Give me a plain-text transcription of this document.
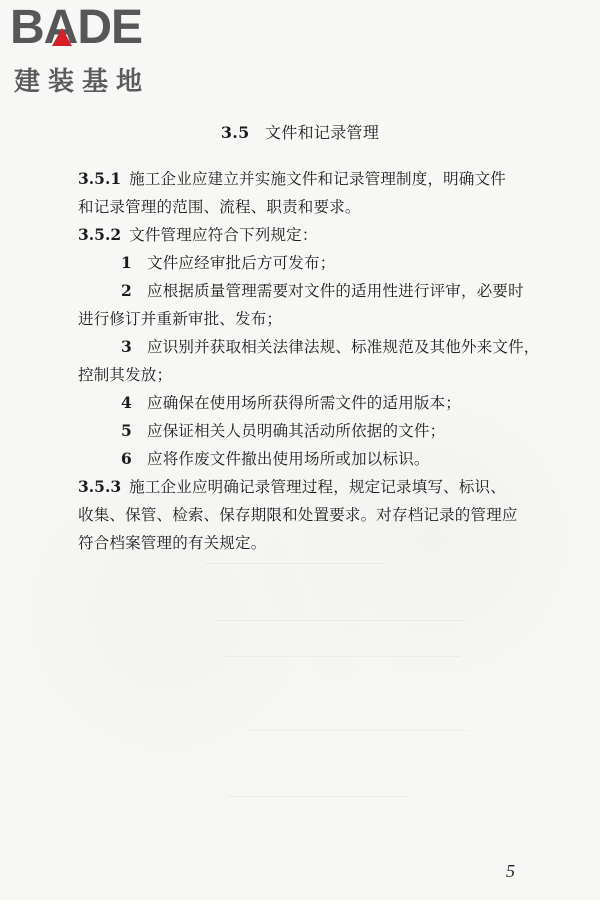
B A D E
建装基地
3.5 文件和记录管理
3.5.1 施工企业应建立并实施文件和记录管理制度，明确文件
和记录管理的范围、流程、职责和要求。
3.5.2 文件管理应符合下列规定：
1 文件应经审批后方可发布；
2 应根据质量管理需要对文件的适用性进行评审，必要时
进行修订并重新审批、发布；
3 应识别并获取相关法律法规、标准规范及其他外来文件，
控制其发放；
4 应确保在使用场所获得所需文件的适用版本；
5 应保证相关人员明确其活动所依据的文件；
6 应将作废文件撤出使用场所或加以标识。
3.5.3 施工企业应明确记录管理过程，规定记录填写、标识、
收集、保管、检索、保存期限和处置要求。对存档记录的管理应
符合档案管理的有关规定。
5
